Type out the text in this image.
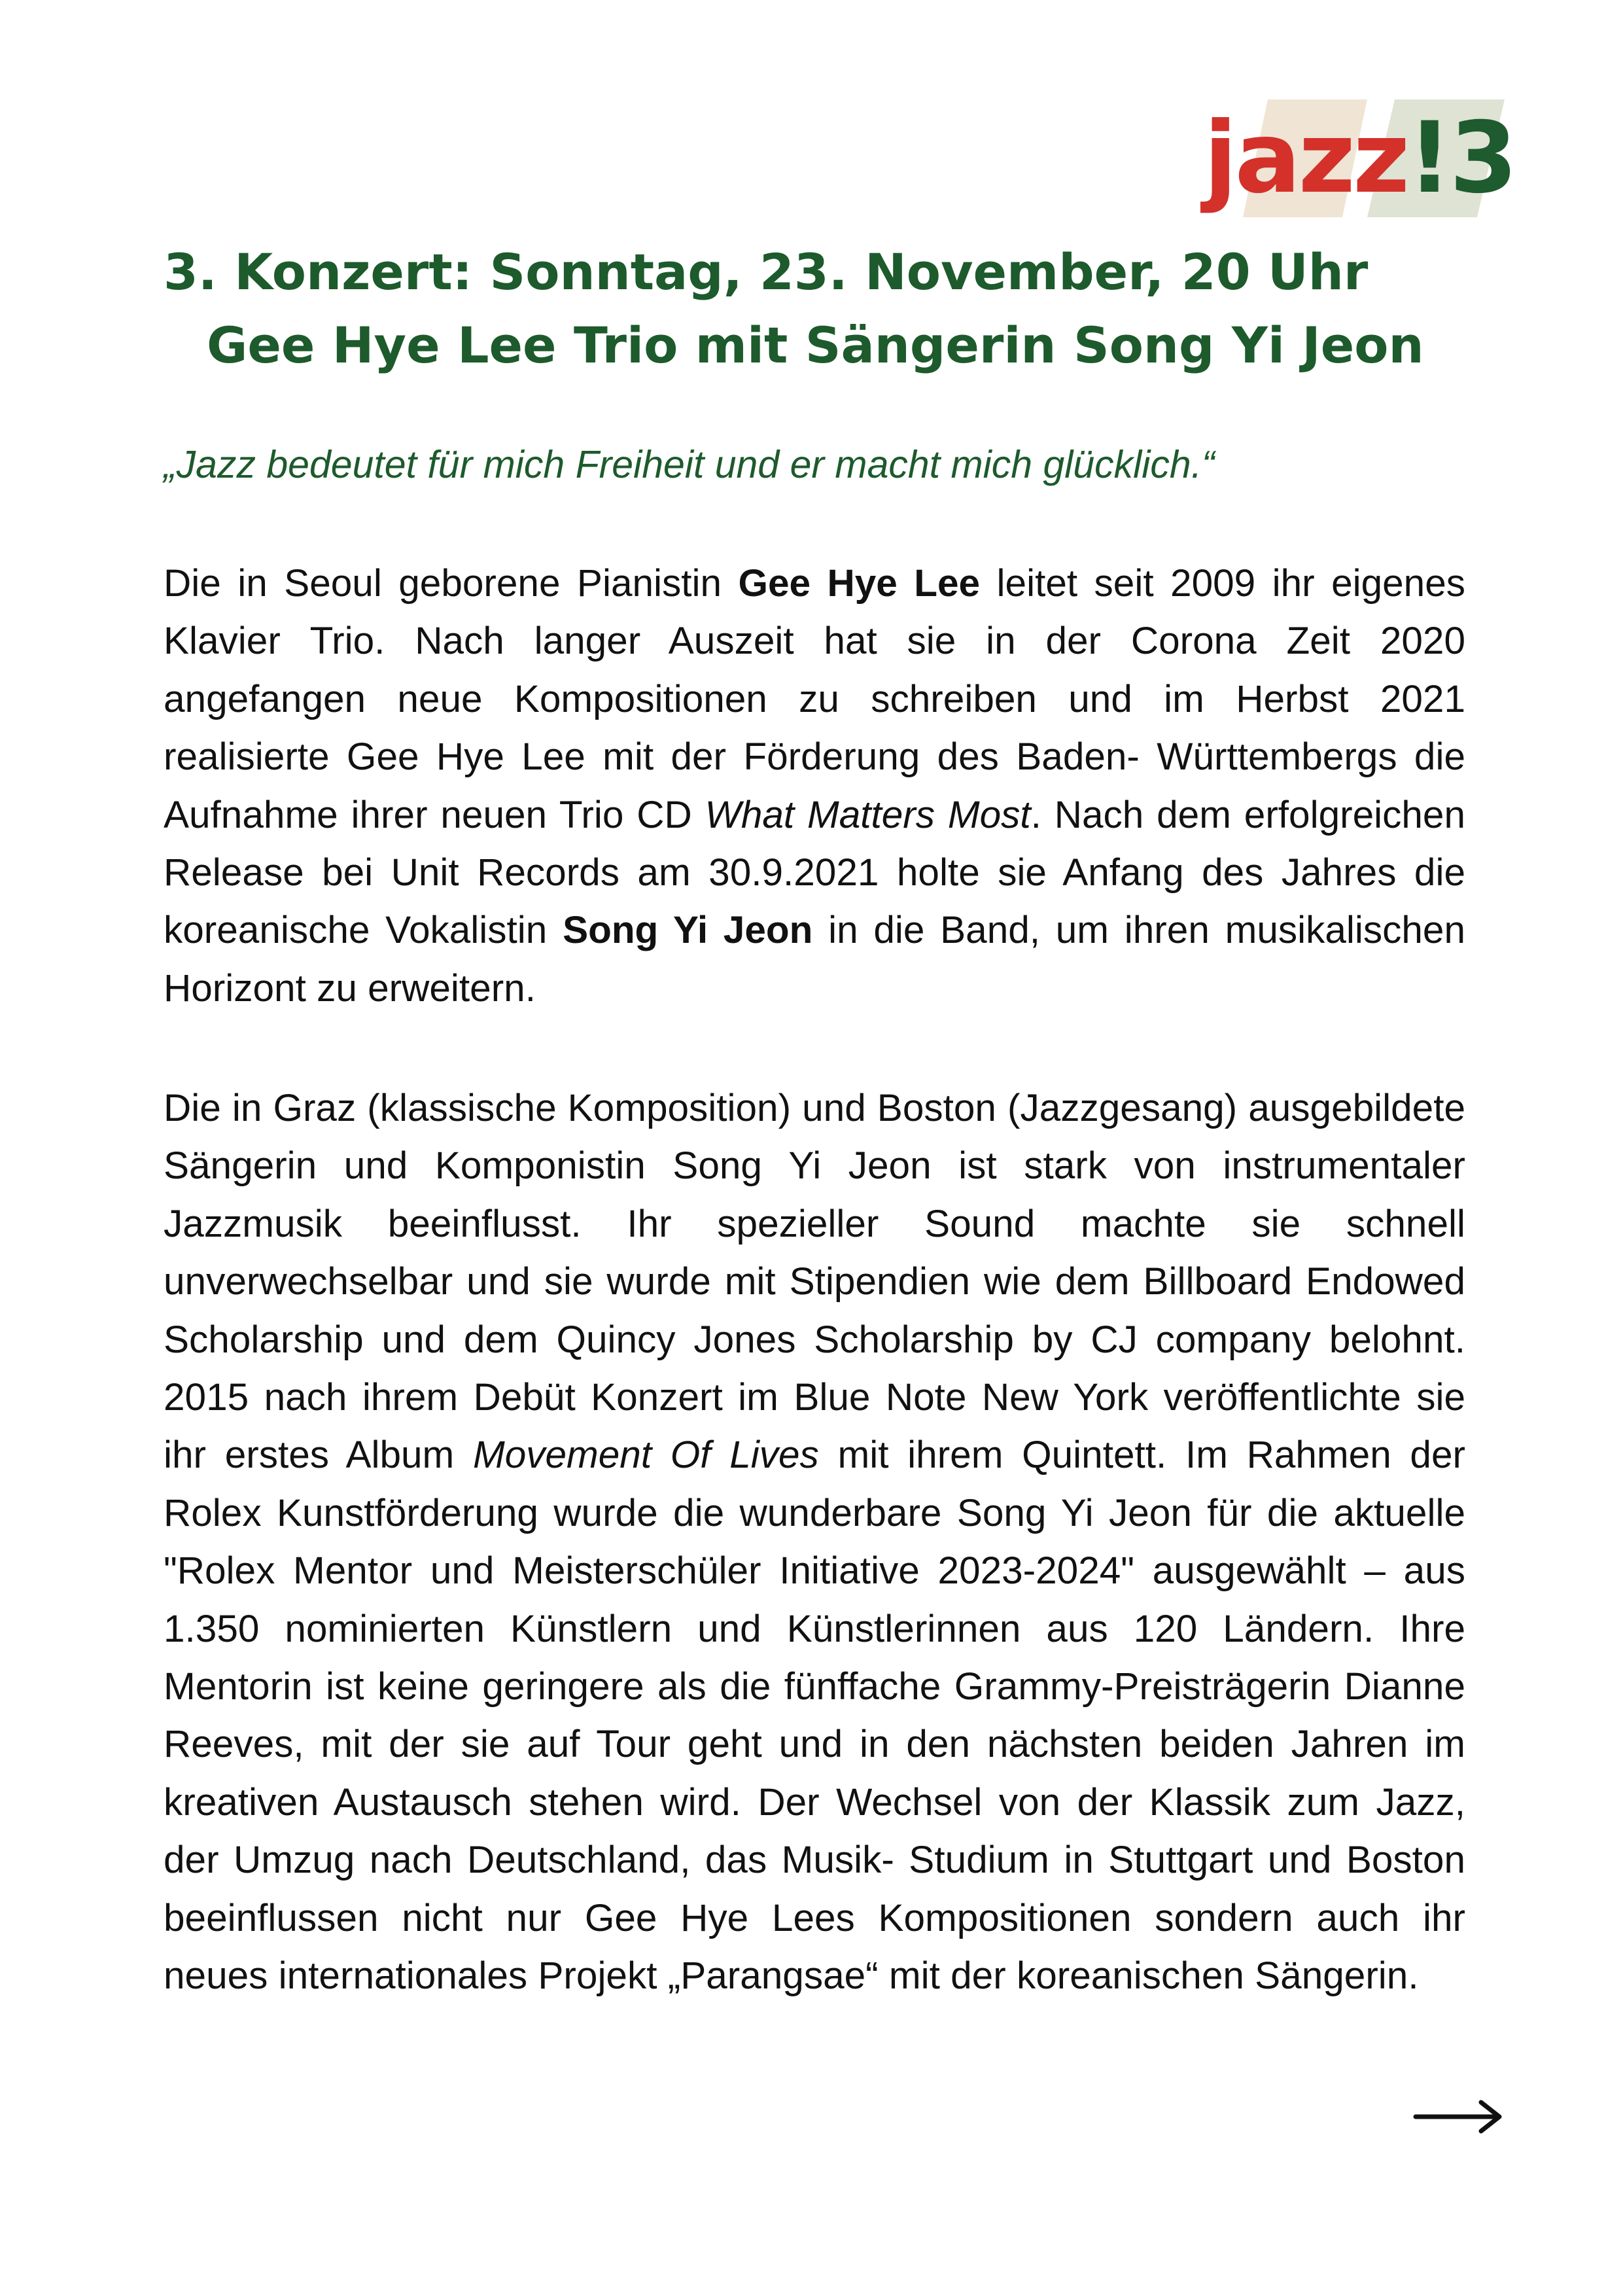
jazz!3
3. Konzert: Sonntag, 23. November, 20 Uhr
Gee Hye Lee Trio mit Sängerin Song Yi Jeon

„Jazz bedeutet für mich Freiheit und er macht mich glücklich.“

Die in Seoul geborene Pianistin Gee Hye Lee leitet seit 2009 ihr eigenes Klavier Trio. Nach langer Auszeit hat sie in der Corona Zeit 2020 angefangen neue Kompositionen zu schreiben und im Herbst 2021 realisierte Gee Hye Lee mit der Förderung des Baden- Württembergs die Aufnahme ihrer neuen Trio CD What Matters Most. Nach dem erfolgreichen Release bei Unit Records am 30.9.2021 holte sie Anfang des Jahres die koreanische Vokalistin Song Yi Jeon in die Band, um ihren musikalischen Horizont zu erweitern.

Die in Graz (klassische Komposition) und Boston (Jazzgesang) ausgebildete Sängerin und Komponistin Song Yi Jeon ist stark von instrumentaler Jazzmusik beeinflusst. Ihr spezieller Sound machte sie schnell unverwechselbar und sie wurde mit Stipendien wie dem Billboard Endowed Scholarship und dem Quincy Jones Scholarship by CJ company belohnt. 2015 nach ihrem Debüt Konzert im Blue Note New York veröffentlichte sie ihr erstes Album Movement Of Lives mit ihrem Quintett. Im Rahmen der Rolex Kunstförderung wurde die wunderbare Song Yi Jeon für die aktuelle "Rolex Mentor und Meisterschüler Initiative 2023-2024" ausgewählt – aus 1.350 nominierten Künstlern und Künstlerinnen aus 120 Ländern. Ihre Mentorin ist keine geringere als die fünffache Grammy-Preisträgerin Dianne Reeves, mit der sie auf Tour geht und in den nächsten beiden Jahren im kreativen Austausch stehen wird. Der Wechsel von der Klassik zum Jazz, der Umzug nach Deutschland, das Musik- Studium in Stuttgart und Boston beeinflussen nicht nur Gee Hye Lees Kompositionen sondern auch ihr neues internationales Projekt „Parangsae“ mit der koreanischen Sängerin.
